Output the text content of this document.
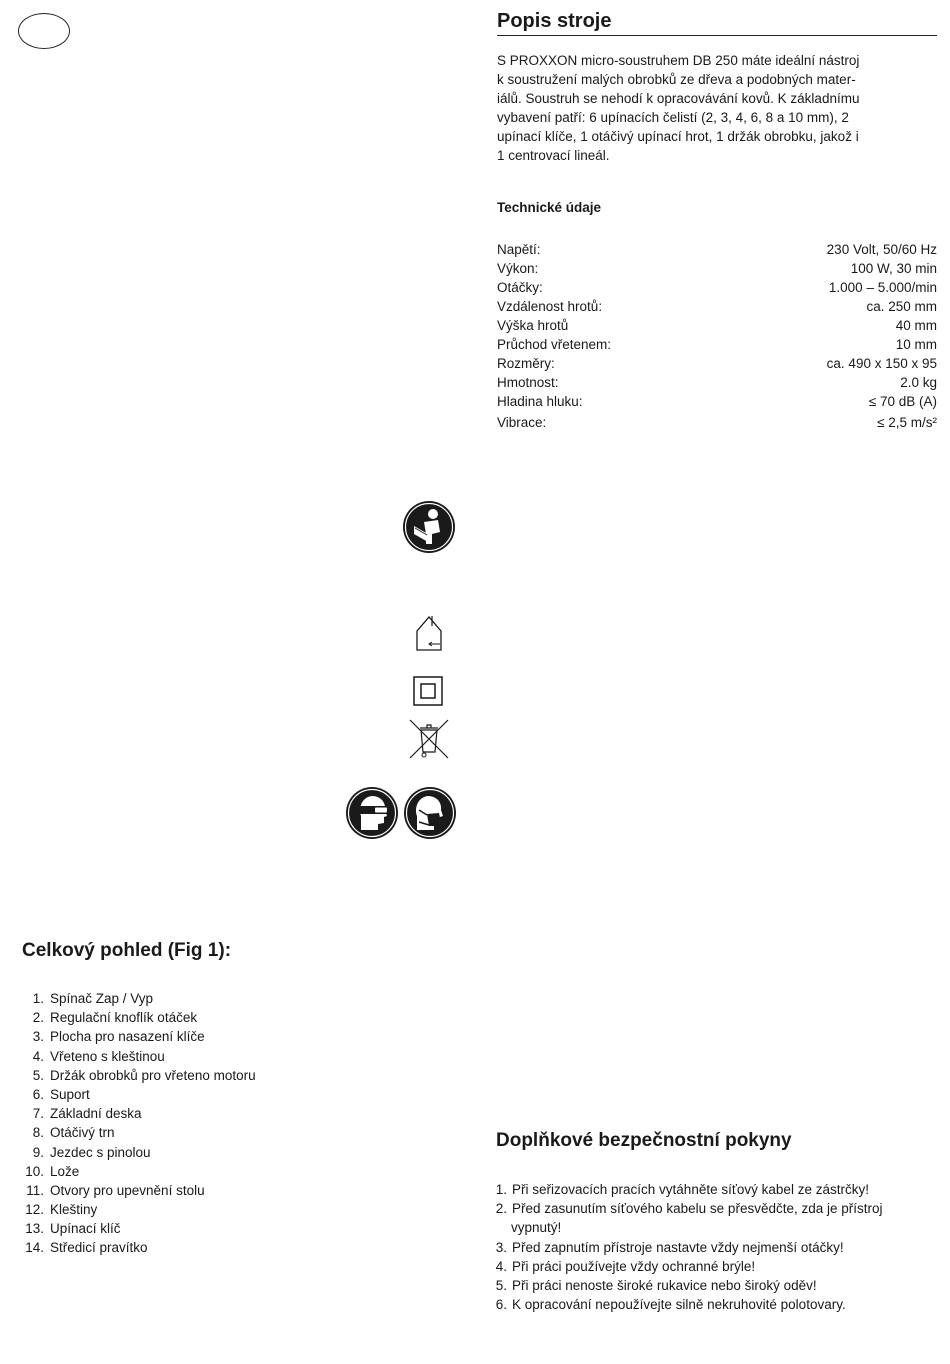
Popis stroje
S PROXXON micro-soustruhem DB 250 máte ideální nástroj
k soustružení malých obrobků ze dřeva a podobných mater-
iálů. Soustruh se nehodí k opracovávání kovů. K základnímu
vybavení patří: 6 upínacích čelistí (2, 3, 4, 6, 8 a 10 mm), 2
upínací klíče, 1 otáčivý upínací hrot, 1 držák obrobku, jakož i
1 centrovací lineál.
Technické údaje
Napětí:	230 Volt, 50/60 Hz
Výkon:	100 W, 30 min
Otáčky:	1.000 – 5.000/min
Vzdálenost hrotů:	ca. 250 mm
Výška hrotů	40 mm
Průchod vřetenem:	10 mm
Rozměry:	ca. 490 x 150 x 95
Hmotnost:	2.0 kg
Hladina hluku:	≤ 70 dB (A)
Vibrace:	≤ 2,5 m/s²
Celkový pohled (Fig 1):
1. Spínač Zap / Vyp
2. Regulační knoflík otáček
3. Plocha pro nasazení klíče
4. Vřeteno s kleštinou
5. Držák obrobků pro vřeteno motoru
6. Suport
7. Základní deska
8. Otáčivý trn
9. Jezdec s pinolou
10. Lože
11. Otvory pro upevnění stolu
12. Kleštiny
13. Upínací klíč
14. Středicí pravítko
Doplňkové bezpečnostní pokyny
1. Při seřizovacích pracích vytáhněte síťový kabel ze zástrčky!
2. Před zasunutím síťového kabelu se přesvědčte, zda je přístroj
vypnutý!
3. Před zapnutím přístroje nastavte vždy nejmenší otáčky!
4. Při práci používejte vždy ochranné brýle!
5. Při práci nenoste široké rukavice nebo široký oděv!
6. K opracování nepoužívejte silně nekruhovité polotovary.
